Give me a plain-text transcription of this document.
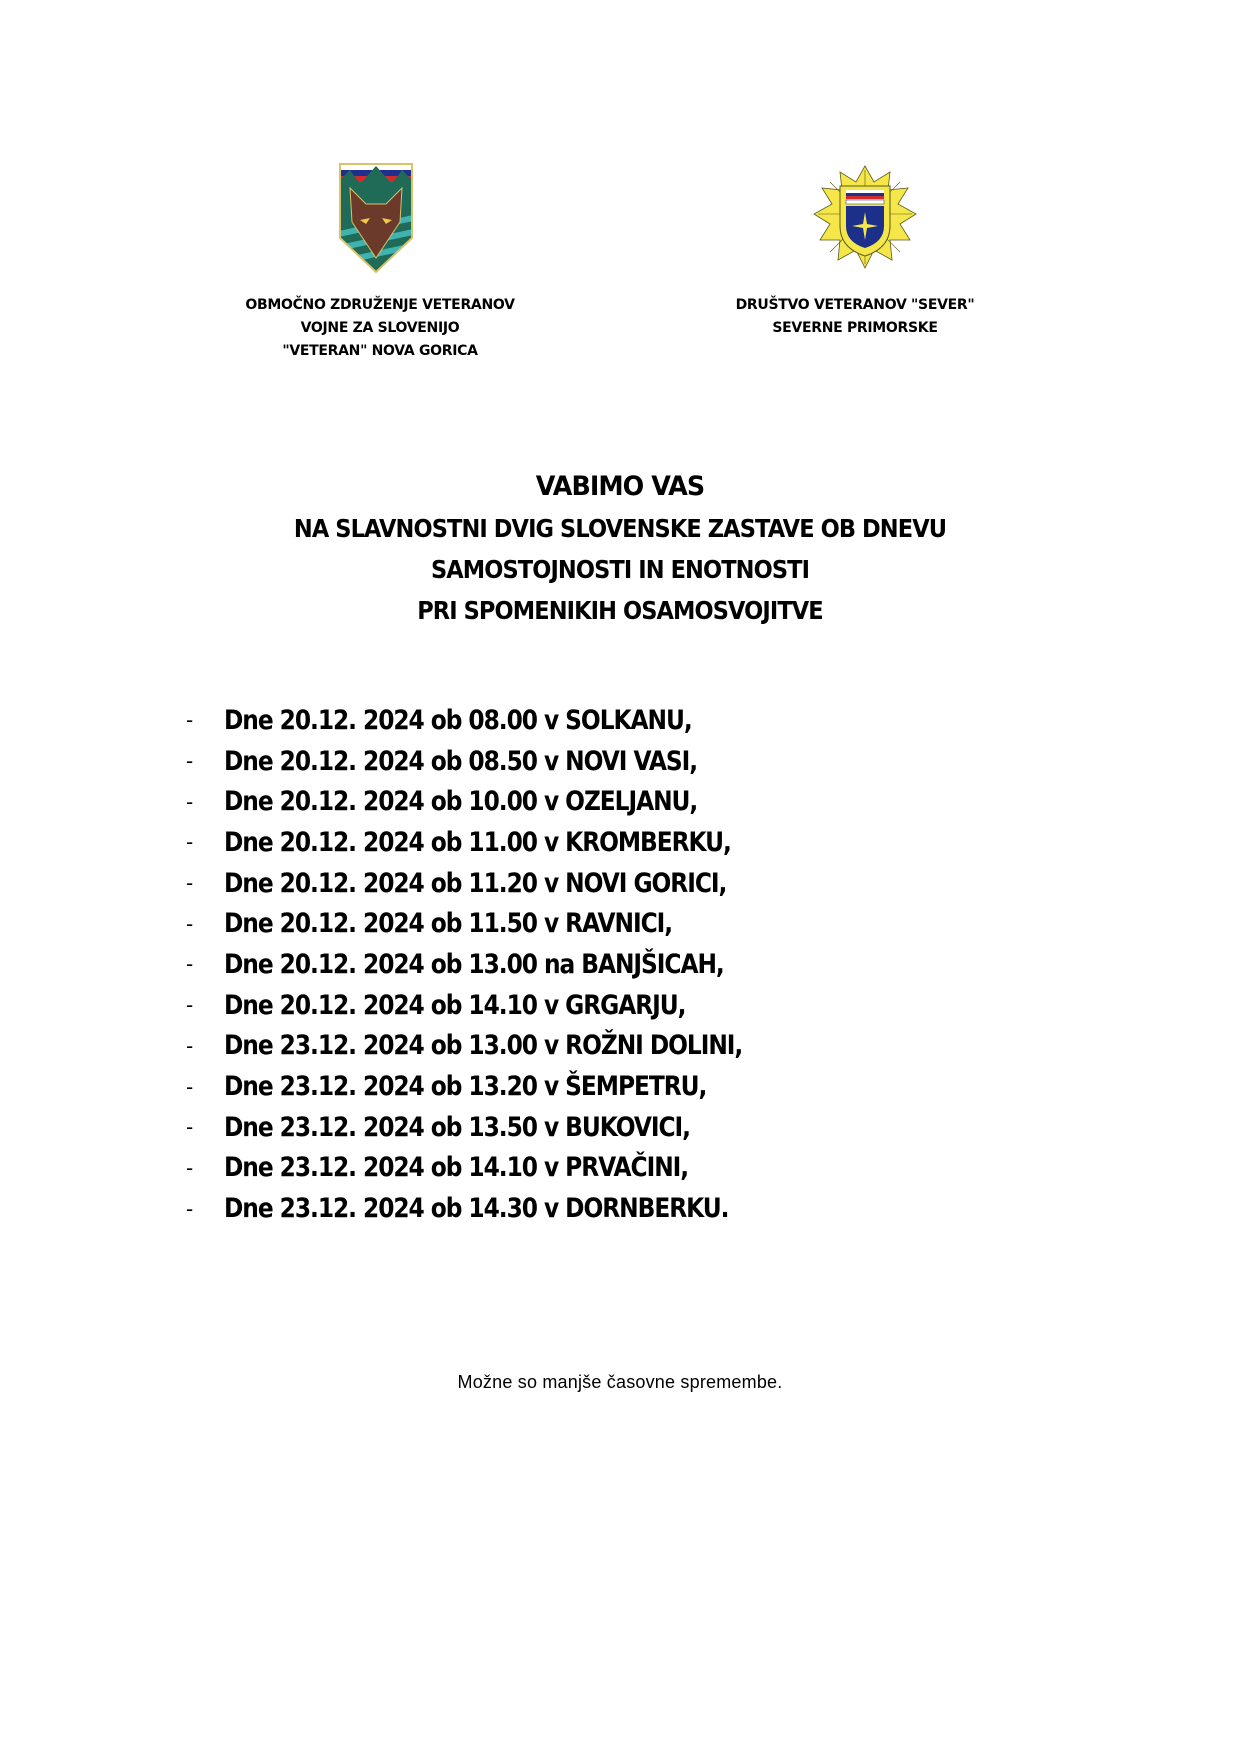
OBMOČNO ZDRUŽENJE VETERANOV
VOJNE ZA SLOVENIJO
"VETERAN" NOVA GORICA
DRUŠTVO VETERANOV "SEVER"
SEVERNE PRIMORSKE
VABIMO VAS
NA SLAVNOSTNI DVIG SLOVENSKE ZASTAVE OB DNEVU
SAMOSTOJNOSTI IN ENOTNOSTI
PRI SPOMENIKIH OSAMOSVOJITVE
-	Dne 20.12. 2024 ob 08.00 v SOLKANU,
-	Dne 20.12. 2024 ob 08.50 v NOVI VASI,
-	Dne 20.12. 2024 ob 10.00 v OZELJANU,
-	Dne 20.12. 2024 ob 11.00 v KROMBERKU,
-	Dne 20.12. 2024 ob 11.20 v NOVI GORICI,
-	Dne 20.12. 2024 ob 11.50 v RAVNICI,
-	Dne 20.12. 2024 ob 13.00 na BANJŠICAH,
-	Dne 20.12. 2024 ob 14.10 v GRGARJU,
-	Dne 23.12. 2024 ob 13.00 v ROŽNI DOLINI,
-	Dne 23.12. 2024 ob 13.20 v ŠEMPETRU,
-	Dne 23.12. 2024 ob 13.50 v BUKOVICI,
-	Dne 23.12. 2024 ob 14.10 v PRVAČINI,
-	Dne 23.12. 2024 ob 14.30 v DORNBERKU.
Možne so manjše časovne spremembe.
